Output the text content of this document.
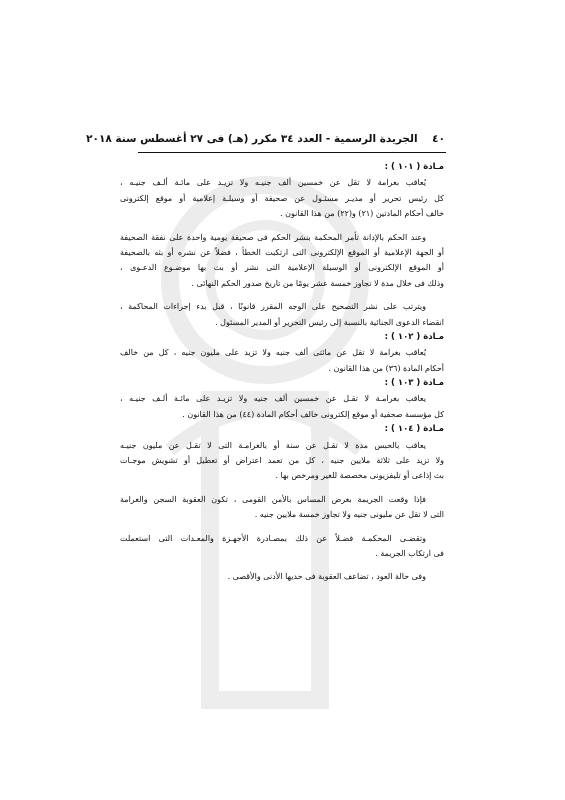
٤٠    الجريدة الرسمية - العدد ٣٤ مكرر (هـ) فى ٢٧ أغسطس سنة ٢٠١٨
مـادة ( ١٠١ ) :
يُعاقب بغرامة لا تقل عن خمسين ألف جنيـه ولا تزيـد على مائـة ألـف جنيـه ،
كل رئيس تحرير أو مديـر مسئـول عن صحيفة أو وسيلـة إعلامية أو موقع إلكترونى
خالف أحكام المادتين (٢١) و(٢٢) من هذا القانون .
وعند الحكم بالإدانة تأمر المحكمة بنشر الحكم فى صحيفة يومية واحدة على نفقة الصحيفة
أو الجهة الإعلامية أو الموقع الإلكترونى التى ارتكبت الخطأ ، فضلاً عن نشره أو بثه بالصحيفة
أو الموقع الإلكترونى أو الوسيلة الإعلامية التى نشر أو بث بها موضـوع الدعـوى ،
وذلك فى خلال مدة لا تجاوز خمسة عشر يومًا من تاريخ صدور الحكم النهائى .
ويترتب على نشر التصحيح على الوجه المقرر قانونًا ، قبل بدء إجراءات المحاكمة ،
انقضاء الدعوى الجنائية بالنسبة إلى رئيس التحرير أو المدير المسئول .
مـادة ( ١٠٢ ) :
يُعاقب بغرامة لا تقل عن مائتى ألف جنيه ولا تزيد على مليون جنيه ، كل من خالف
أحكام المادة (٣٦) من هذا القانون .
مـادة ( ١٠٣ ) :
يعاقب بغرامـة لا تقـل عن خمسين ألف جنيه ولا تزيـد على مائـة ألـف جنيـه ،
كل مؤسسة صحفية أو موقع إلكترونى خالف أحكام المادة (٤٤) من هذا القانون .
مـادة ( ١٠٤ ) :
يعاقب بالحبس مدة لا تقـل عن سنة أو بالغرامـة التى لا تقـل عن مليون جنيـه
ولا تزيد على ثلاثة ملايين جنيه ، كل من تعمد اعتراض أو تعطيل أو تشويش موجـات
بث إذاعى أو تليفزيونى مخصصة للغير ومرخص بها .
فإذا وقعت الجريمة بغرض المساس بالأمن القومى ، تكون العقوبة السجن والغرامة
التى لا تقل عن مليونى جنيه ولا تجاوز خمسة ملايين جنيه .
وتقضـى المحكمـة فضـلاً عن ذلك بمصـادرة الأجهـزة والمعـدات التى استعملت
فى ارتكاب الجريمة .
وفى حالة العود ، تضاعف العقوبة فى حديها الأدنى والأقصى .
